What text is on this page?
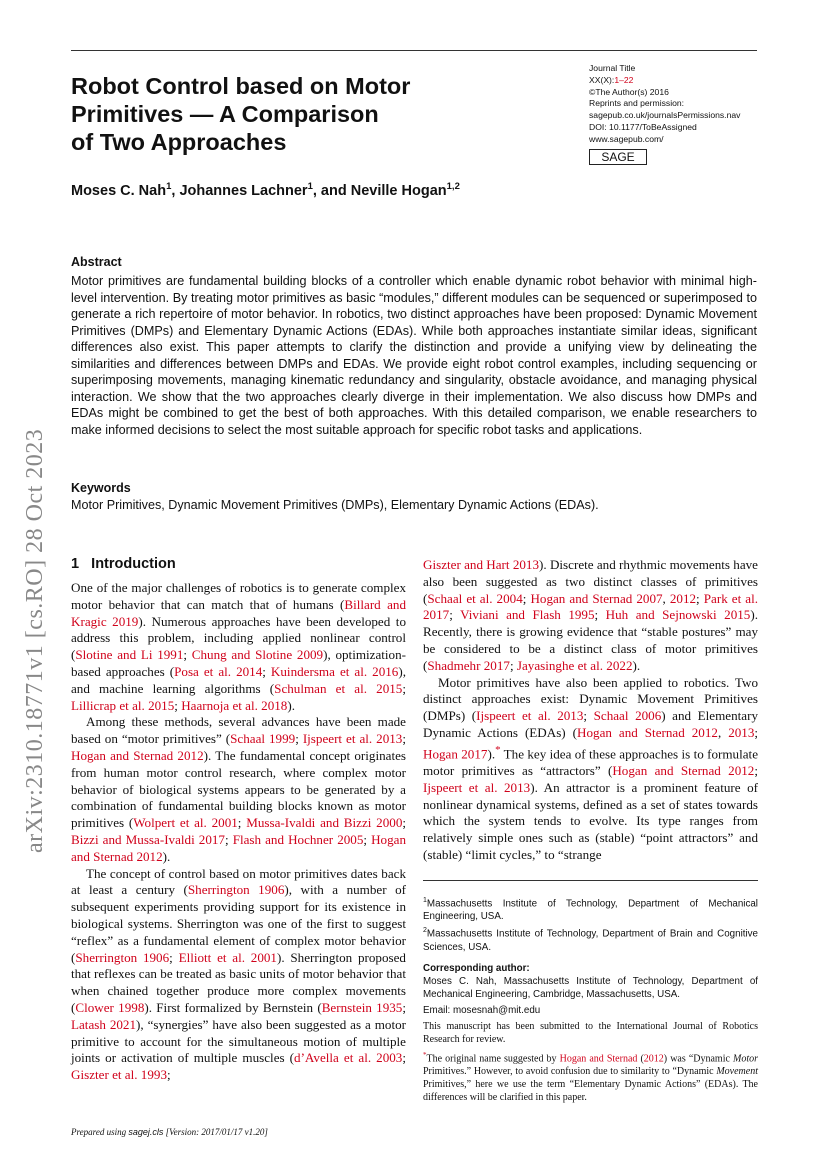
Robot Control based on Motor
Primitives — A Comparison
of Two Approaches
Journal Title
XX(X):1–22
©The Author(s) 2016
Reprints and permission:
sagepub.co.uk/journalsPermissions.nav
DOI: 10.1177/ToBeAssigned
www.sagepub.com/
SAGE
Moses C. Nah$^1$, Johannes Lachner$^1$, and Neville Hogan$^{1,2}$
Abstract

Motor primitives are fundamental building blocks of a controller which enable dynamic robot behavior with minimal high-level intervention. By treating motor primitives as basic “modules,” different modules can be sequenced or superimposed to generate a rich repertoire of motor behavior. In robotics, two distinct approaches have been proposed: Dynamic Movement Primitives (DMPs) and Elementary Dynamic Actions (EDAs). While both approaches instantiate similar ideas, significant differences also exist. This paper attempts to clarify the distinction and provide a unifying view by delineating the similarities and differences between DMPs and EDAs. We provide eight robot control examples, including sequencing or superimposing movements, managing kinematic redundancy and singularity, obstacle avoidance, and managing physical interaction. We show that the two approaches clearly diverge in their implementation. We also discuss how DMPs and EDAs might be combined to get the best of both approaches. With this detailed comparison, we enable researchers to make informed decisions to select the most suitable approach for specific robot tasks and applications.

Keywords
Motor Primitives, Dynamic Movement Primitives (DMPs), Elementary Dynamic Actions (EDAs).
arXiv:2310.18771v1 [cs.RO] 28 Oct 2023 1 Introduction

One of the major challenges of robotics is to generate complex motor behavior that can match that of humans (Billard and Kragic 2019). Numerous approaches have been developed to address this problem, including applied nonlinear control (Slotine and Li 1991; Chung and Slotine 2009), optimization-based approaches (Posa et al. 2014; Kuindersma et al. 2016), and machine learning algorithms (Schulman et al. 2015; Lillicrap et al. 2015; Haarnoja et al. 2018).

Among these methods, several advances have been made based on “motor primitives” (Schaal 1999; Ijspeert et al. 2013; Hogan and Sternad 2012). The fundamental concept originates from human motor control research, where complex motor behavior of biological systems appears to be generated by a combination of fundamental building blocks known as motor primitives (Wolpert et al. 2001; Mussa-Ivaldi and Bizzi 2000; Bizzi and Mussa-Ivaldi 2017; Flash and Hochner 2005; Hogan and Sternad 2012).

The concept of control based on motor primitives dates back at least a century (Sherrington 1906), with a number of subsequent experiments providing support for its existence in biological systems. Sherrington was one of the first to suggest “reflex” as a fundamental element of complex motor behavior (Sherrington 1906; Elliott et al. 2001). Sherrington proposed that reflexes can be treated as basic units of motor behavior that when chained together produce more complex movements (Clower 1998). First formalized by Bernstein (Bernstein 1935; Latash 2021), “synergies” have also been suggested as a motor primitive to account for the simultaneous motion of multiple joints or activation of multiple muscles (d’Avella et al. 2003; Giszter et al. 1993;

Giszter and Hart 2013). Discrete and rhythmic movements have also been suggested as two distinct classes of primitives (Schaal et al. 2004; Hogan and Sternad 2007, 2012; Park et al. 2017; Viviani and Flash 1995; Huh and Sejnowski 2015). Recently, there is growing evidence that “stable postures” may be considered to be a distinct class of motor primitives (Shadmehr 2017; Jayasinghe et al. 2022).

Motor primitives have also been applied to robotics. Two distinct approaches exist: Dynamic Movement Primitives (DMPs) (Ijspeert et al. 2013; Schaal 2006) and Elementary Dynamic Actions (EDAs) (Hogan and Sternad 2012, 2013; Hogan 2017).* The key idea of these approaches is to formulate motor primitives as “attractors” (Hogan and Sternad 2012; Ijspeert et al. 2013). An attractor is a prominent feature of nonlinear dynamical systems, defined as a set of states towards which the system tends to evolve. Its type ranges from relatively simple ones such as (stable) “point attractors” and (stable) “limit cycles,” to “strange

$^1$Massachusetts Institute of Technology, Department of Mechanical Engineering, USA.

$^2$Massachusetts Institute of Technology, Department of Brain and Cognitive Sciences, USA.

Corresponding author:

Moses C. Nah, Massachusetts Institute of Technology, Department of Mechanical Engineering, Cambridge, Massachusetts, USA.

Email: mosesnah@mit.edu

This manuscript has been submitted to the International Journal of Robotics Research for review.

*The original name suggested by Hogan and Sternad (2012) was “Dynamic Motor Primitives.” However, to avoid confusion due to similarity to “Dynamic Movement Primitives,” here we use the term “Elementary Dynamic Actions” (EDAs). The differences will be clarified in this paper.

Prepared using sagej.cls [Version: 2017/01/17 v1.20]
